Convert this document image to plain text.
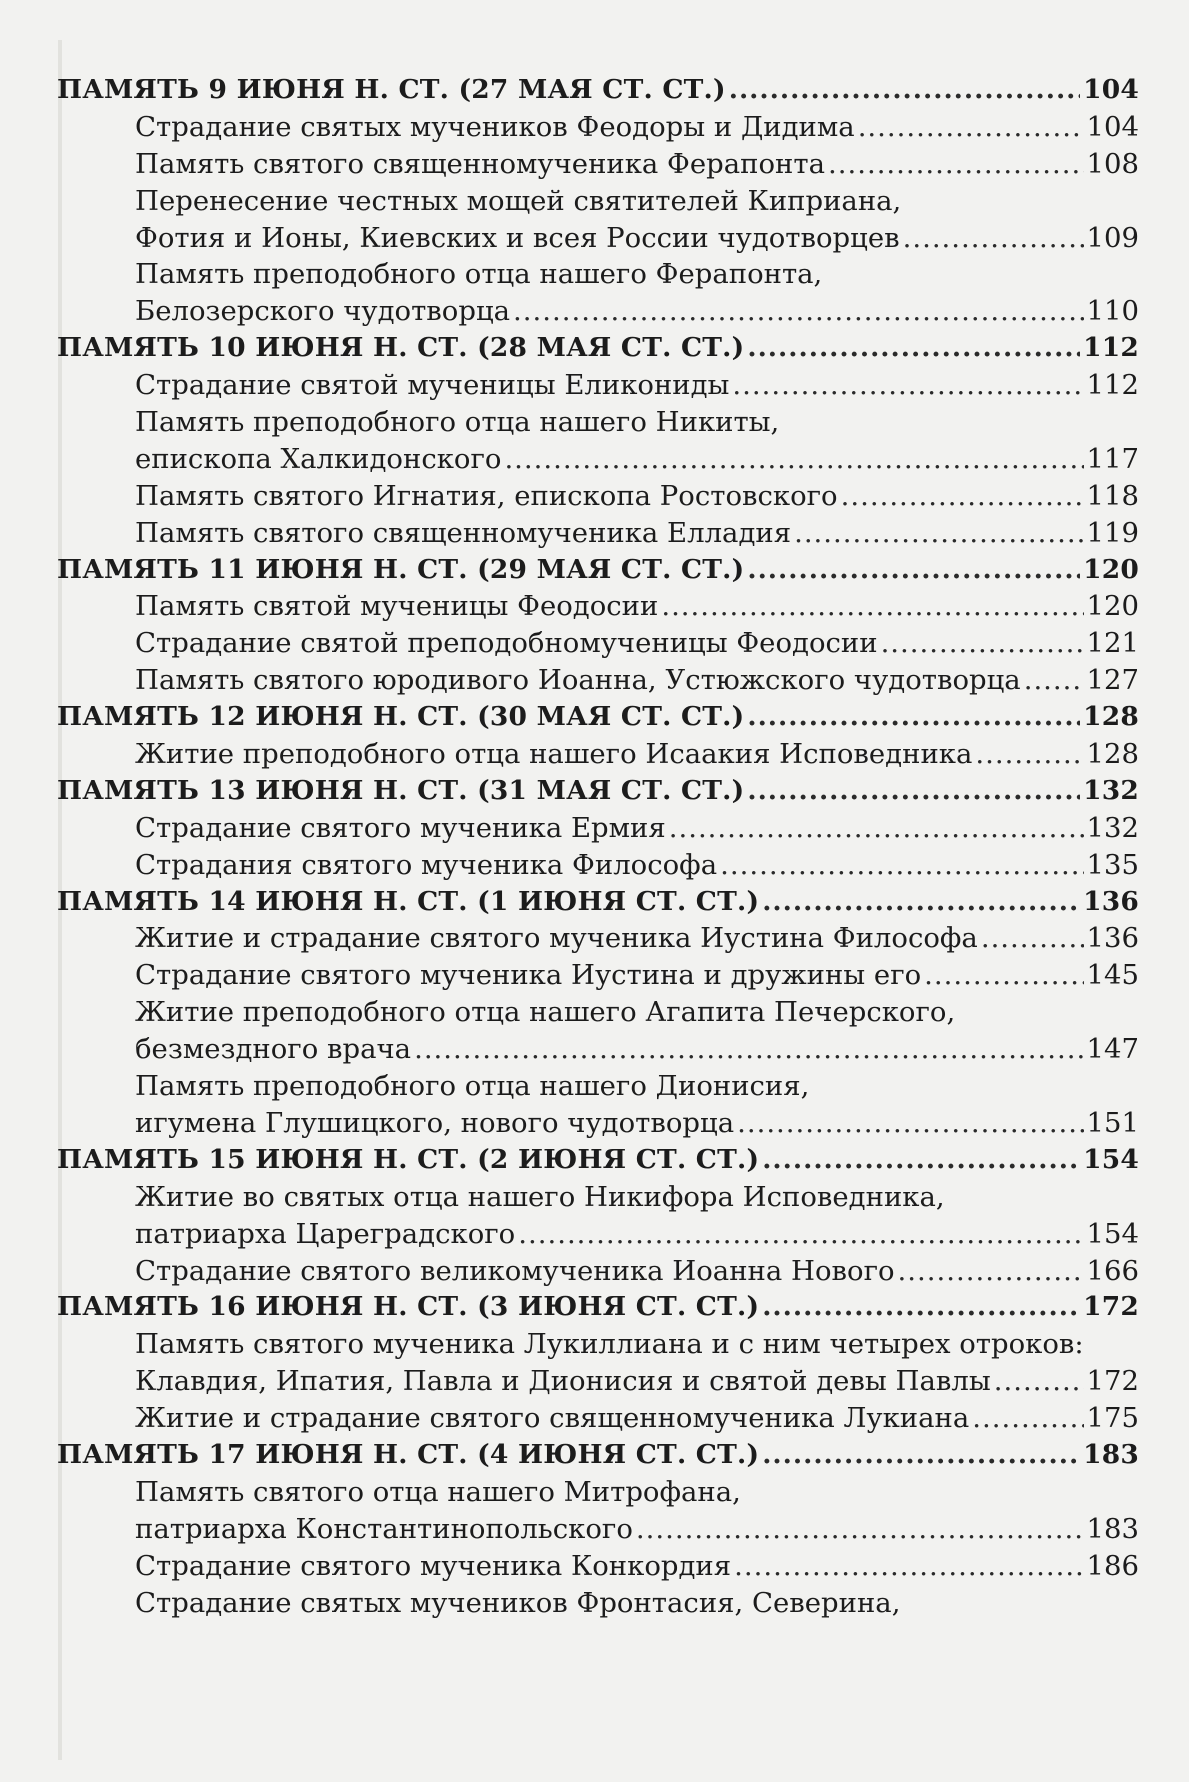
ПАМЯТЬ 9 ИЮНЯ Н. СТ. (27 МАЯ СТ. СТ.) .....	104
Страдание святых мучеников Феодоры и Дидима .....	104
Память святого священномученика Ферапонта .....	108
Перенесение честных мощей святителей Киприана,
Фотия и Ионы, Киевских и всея России чудотворцев .....	109
Память преподобного отца нашего Ферапонта,
Белозерского чудотворца .....	110
ПАМЯТЬ 10 ИЮНЯ Н. СТ. (28 МАЯ СТ. СТ.) .....	112
Страдание святой мученицы Еликониды .....	112
Память преподобного отца нашего Никиты,
епископа Халкидонского .....	117
Память святого Игнатия, епископа Ростовского .....	118
Память святого священномученика Елладия .....	119
ПАМЯТЬ 11 ИЮНЯ Н. СТ. (29 МАЯ СТ. СТ.) .....	120
Память святой мученицы Феодосии .....	120
Страдание святой преподобномученицы Феодосии .....	121
Память святого юродивого Иоанна, Устюжского чудотворца ..... 127
ПАМЯТЬ 12 ИЮНЯ Н. СТ. (30 МАЯ СТ. СТ.) .....	128
Житие преподобного отца нашего Исаакия Исповедника .....	128
ПАМЯТЬ 13 ИЮНЯ Н. СТ. (31 МАЯ СТ. СТ.) .....	132
Страдание святого мученика Ермия .....	132
Страдания святого мученика Философа .....	135
ПАМЯТЬ 14 ИЮНЯ Н. СТ. (1 ИЮНЯ СТ. СТ.) .....	136
Житие и страдание святого мученика Иустина Философа .....	136
Страдание святого мученика Иустина и дружины его .....	145
Житие преподобного отца нашего Агапита Печерского,
безмездного врача .....	147
Память преподобного отца нашего Дионисия,
игумена Глушицкого, нового чудотворца .....	151
ПАМЯТЬ 15 ИЮНЯ Н. СТ. (2 ИЮНЯ СТ. СТ.) .....	154
Житие во святых отца нашего Никифора Исповедника,
патриарха Цареградского .....	154
Страдание святого великомученика Иоанна Нового .....	166
ПАМЯТЬ 16 ИЮНЯ Н. СТ. (3 ИЮНЯ СТ. СТ.) .....	172
Память святого мученика Лукиллиана и с ним четырех отроков:
Клавдия, Ипатия, Павла и Дионисия и святой девы Павлы .....	172
Житие и страдание святого священномученика Лукиана .....	175
ПАМЯТЬ 17 ИЮНЯ Н. СТ. (4 ИЮНЯ СТ. СТ.) .....	183
Память святого отца нашего Митрофана,
патриарха Константинопольского .....	183
Страдание святого мученика Конкордия .....	186
Страдание святых мучеников Фронтасия, Северина,
